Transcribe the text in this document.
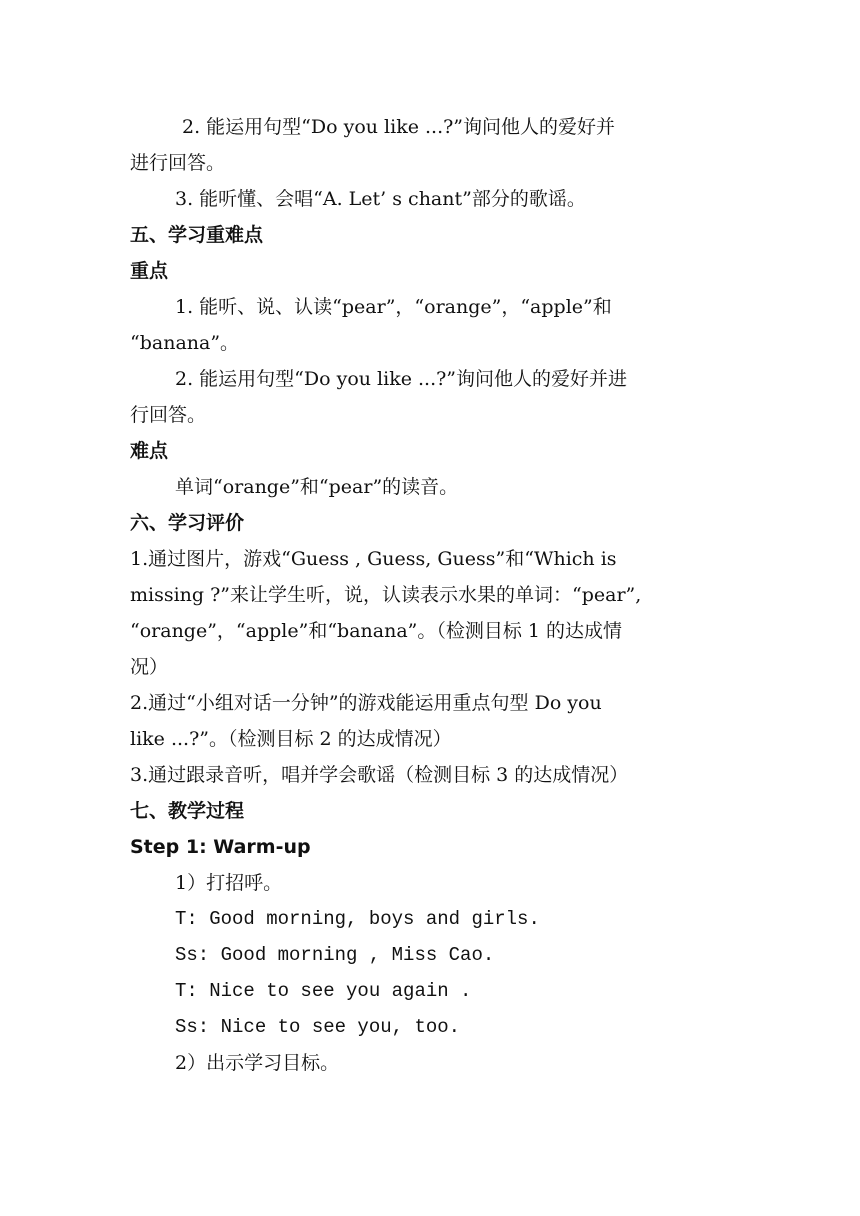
2. 能运用句型“Do you like ...?”询问他人的爱好并
进行回答。
3. 能听懂、会唱“A. Let’ s chant”部分的歌谣。
五、学习重难点
重点
1. 能听、说、认读“pear”，“orange”，“apple”和
“banana”。
2. 能运用句型“Do you like ...?”询问他人的爱好并进
行回答。
难点
单词“orange”和“pear”的读音。
六、学习评价
1.通过图片，游戏“Guess , Guess, Guess”和“Which is
missing ?”来让学生听，说，认读表示水果的单词：“pear”,
“orange”，“apple”和“banana”。（检测目标 1 的达成情
况）
2.通过“小组对话一分钟”的游戏能运用重点句型 Do you
like ...?”。（检测目标 2 的达成情况）
3.通过跟录音听，唱并学会歌谣（检测目标 3 的达成情况）
七、教学过程
Step 1: Warm-up
1）打招呼。
T: Good morning, boys and girls.
Ss: Good morning , Miss Cao.
T: Nice to see you again .
Ss: Nice to see you, too.
2）出示学习目标。
